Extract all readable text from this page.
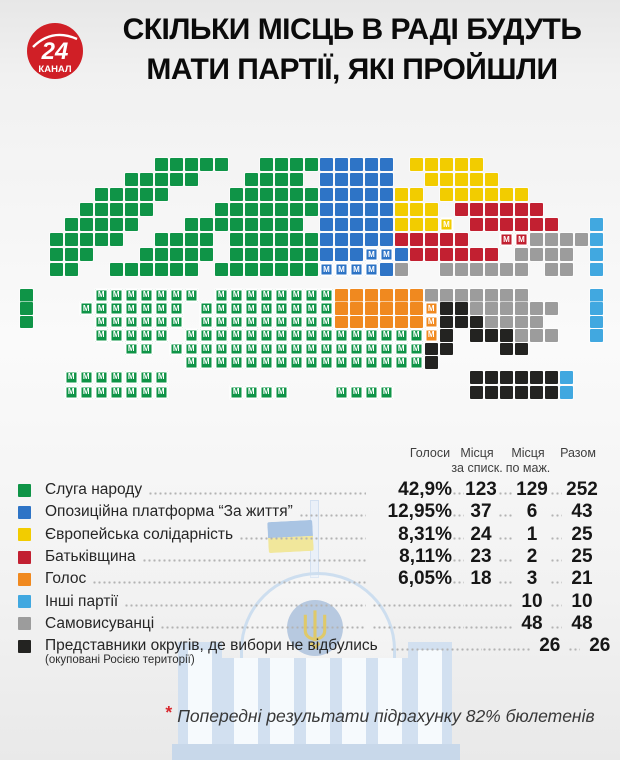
24
КАНАЛ
СКІЛЬКИ МІСЦЬ В РАДІ БУДУТЬ
МАТИ ПАРТІЇ, ЯКІ ПРОЙШЛИ
М
М	М
М	М
М	М	М	М
М	М	М	М	М	М	М	М	М	М	М	М	М	М	М
М	М	М	М	М	М	М	М	М	М	М	М	М	М	М	М	М
М	М	М	М	М	М	М	М	М	М	М	М	М	М	М	М
М	М	М	М	М	М	М	М	М	М	М	М	М	М	М	М	М	М	М	М	М	М
М	М	М	М	М	М	М	М	М	М	М	М	М	М	М	М	М	М	М
М	М	М	М	М	М	М	М	М	М	М	М	М	М	М	М
М	М	М	М	М	М	М
М	М	М	М	М	М	М	М	М	М	М	М	М	М	М
Голоси Місця
за списк.
Місця
по маж.
Разом
Слуга народу	42,9% 123 129 252
Опозиційна платформа “За життя”	12,95% 37	6	43
Європейська солідарність	8,31% 24	1	25
Батьківщина	8,11% 23	2	25
Голос	6,05% 18	3	21
Інші партії	10	10
Самовисуванці	48	48
Представники округів, де вибори не відбулись	26	26
(окуповані Росією території)
* Попередні результати підрахунку 82% бюлетенів
